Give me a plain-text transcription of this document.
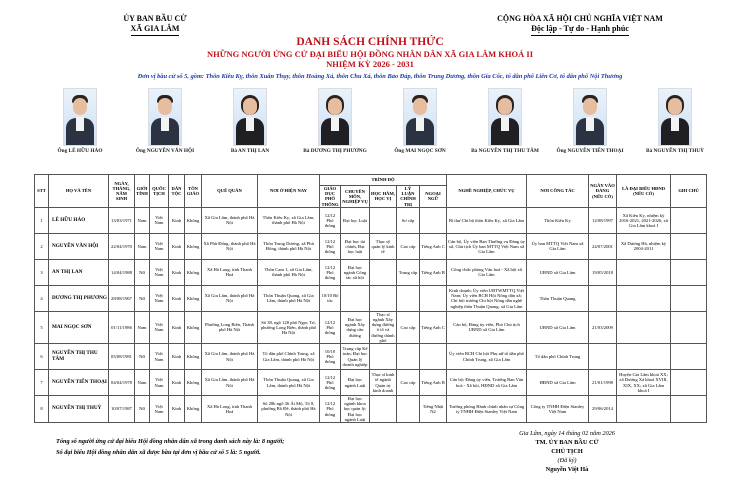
ỦY BAN BẦU CỬ
XÃ GIA LÂM
CỘNG HÒA XÃ HỘI CHỦ NGHĨA VIỆT NAM
Độc lập - Tự do - Hạnh phúc
DANH SÁCH CHÍNH THỨC
NHỮNG NGƯỜI ỨNG CỬ ĐẠI BIỂU HỘI ĐỒNG NHÂN DÂN XÃ GIA LÂM KHOÁ II
NHIỆM KỲ 2026 - 2031
Đơn vị bầu cử số 5, gồm: Thôn Kiêu Kỵ, thôn Xuân Thụy, thôn Hoàng Xá, thôn Chu Xá, thôn Bảo Đáp, thôn Trung Dương, thôn Gia Cốc, tổ dân phố Liên Cơ, tổ dân phố Nội Thương
Ông LÊ HỮU HẢO	Ông NGUYỄN VĂN HỘI	Bà AN THỊ LAN	Bà DƯƠNG THỊ PHƯƠNG	Ông MAI NGỌC SƠN	Bà NGUYỄN THỊ THU TÂM	Ông NGUYỄN TIẾN THOẠI	Bà NGUYỄN THỊ THUỲ
STT	HỌ VÀ TÊN	NGÀY, THÁNG, NĂM SINH	GIỚI TÍNH	QUỐC TỊCH	DÂN TỘC	TÔN GIÁO	QUÊ QUÁN	NƠI Ở HIỆN NAY	TRÌNH ĐỘ					NGHỀ NGHIỆP, CHỨC VỤ	NƠI CÔNG TÁC	NGÀY VÀO ĐẢNG (NẾU CÓ)	LÀ ĐẠI BIỂU HĐND (NẾU CÓ)	GHI CHÚ
									GIÁO DỤC PHỔ THÔNG	CHUYÊN MÔN, NGHIỆP VỤ	HỌC HÀM, HỌC VỊ	LÝ LUẬN CHÍNH TRỊ	NGOẠI NGỮ					
1	LÊ HỮU HẢO	13/03/1971	Nam	Việt Nam	Kinh	Không	Xã Gia Lâm, thành phố Hà Nội	Thôn Kiêu Kỵ, xã Gia Lâm, thành phố Hà Nội	12/12 Phổ thông	Đại học Luật		Sơ cấp		Bí thư Chi bộ thôn Kiêu Kỵ, xã Gia Lâm	Thôn Kiêu Kỵ	12/08/1997	Xã Kiêu Kỵ, nhiệm kỳ 2016-2021, 2021-2026, xã Gia Lâm khoá I	
2	NGUYỄN VĂN HỘI	22/04/1970	Nam	Việt Nam	Kinh	Không	Xã Phù Đổng, thành phố Hà Nội	Thôn Trung Dương, xã Phù Đổng, thành phố Hà Nội	12/12 Phổ thông	Đại học tài chính, Đại học luật	Thạc sỹ quản lý kinh tế	Cao cấp	Tiếng Anh C	Cán bộ, Ủy viên Ban Thường vụ Đảng ủy xã, Chủ tịch Ủy ban MTTQ Việt Nam xã Gia Lâm	Ủy ban MTTQ Việt Nam xã Gia Lâm	24/07/2001	Xã Dương Hà, nhiệm kỳ 2004-2011	
3	AN THỊ LAN	14/04/1988	Nữ	Việt Nam	Kinh	Không	Xã Hà Long, tỉnh Thanh Hoá	Thôn Cam 1, xã Gia Lâm, thành phố Hà Nội	12/12 Phổ thông	Đại học ngành Công tác xã hội		Trung cấp	Tiếng Anh B	Công chức phòng Văn hoá - Xã hội xã Gia Lâm	UBND xã Gia Lâm	19/05/2018		
4	DƯƠNG THỊ PHƯƠNG	28/08/1967	Nữ	Việt Nam	Kinh	Không	Xã Gia Lâm, thành phố Hà Nội	Thôn Thuận Quang, xã Gia Lâm, thành phố Hà Nội	10/10 Bổ túc					Kinh doanh; Ủy viên UBTWMTTQ Việt Nam; Ủy viên BCH Hội Nông dân xã; Chi hội trưởng Chi hội Nông dân nghề nghiệp thôn Thuận Quang, xã Gia Lâm	Thôn Thuận Quang			
5	MAI NGỌC SƠN	01/11/1986	Nam	Việt Nam	Kinh	Không	Phường Long Biên, Thành phố Hà Nội	Số 38, ngõ 128 phố Ngọc Trì, phường Long Biên, thành phố Hà Nội	12/12 Phổ thông	Đại học ngành Xây dựng cầu đường	Thạc sĩ ngành Xây dựng đường ô tô và đường thành phố	Cao cấp	Tiếng Anh C	Cán bộ, Đảng ủy viên, Phó Chủ tịch UBND xã Gia Lâm	UBND xã Gia Lâm	21/03/2009		
6	NGUYỄN THỊ THU TÂM	05/08/1981	Nữ	Việt Nam	Kinh	Không	Xã Gia Lâm, thành phố Hà Nội	Tổ dân phố Chính Trung, xã Gia Lâm, thành phố Hà Nội	10/10 Phổ thông	Trung cấp Kế toán; Đại học Quản lý doanh nghiệp				Ủy viên BCH Chi hội Phụ nữ tổ dân phố Chính Trung, xã Gia Lâm	Tổ dân phố Chính Trung			
7	NGUYỄN TIẾN THOẠI	04/04/1978	Nam	Việt Nam	Kinh	Không	Xã Gia Lâm, thành phố Hà Nội	Thôn Thuận Quang, xã Gia Lâm, thành phố Hà Nội	12/12 Phổ thông	Đại học ngành Luật	Thạc sĩ kinh tế ngành Quản trị kinh doanh	Cao cấp	Tiếng Anh B	Cán bộ; Đảng ủy viên, Trưởng Ban Văn hoá - Xã hội, HĐND xã Gia Lâm	HĐND xã Gia Lâm	21/01/1998	Huyện Gia Lâm khoá XX; xã Dương Xá khoá XVIII, XIX, XX; xã Gia Lâm khoá I	
8	NGUYỄN THỊ THUỲ	10/07/1987	Nữ	Việt Nam	Kinh	Không	Xã Hà Long, tỉnh Thanh Hoá	Số 28b ngõ 36 Ái Mộ, Tổ 8, phường Bồ Đề, thành phố Hà Nội	12/12 Phổ thông	Đại học ngành khoa học quản lý; Đại học ngành Luật			Tiếng Nhật N2	Trưởng phòng Hành chính nhân sự Công ty TNHH Điện Stanley Việt Nam	Công ty TNHH Điện Stanley Việt Nam	29/06/2014		
Tổng số người ứng cử đại biểu Hội đồng nhân dân xã trong danh sách này là: 8 người;
Số đại biểu Hội đồng nhân dân xã được bầu tại đơn vị bầu cử số 5 là: 5 người.
Gia Lâm, ngày 14 tháng 02 năm 2026
TM. ỦY BAN BẦU CỬ
CHỦ TỊCH
(Đã ký)
Nguyễn Việt Hà
